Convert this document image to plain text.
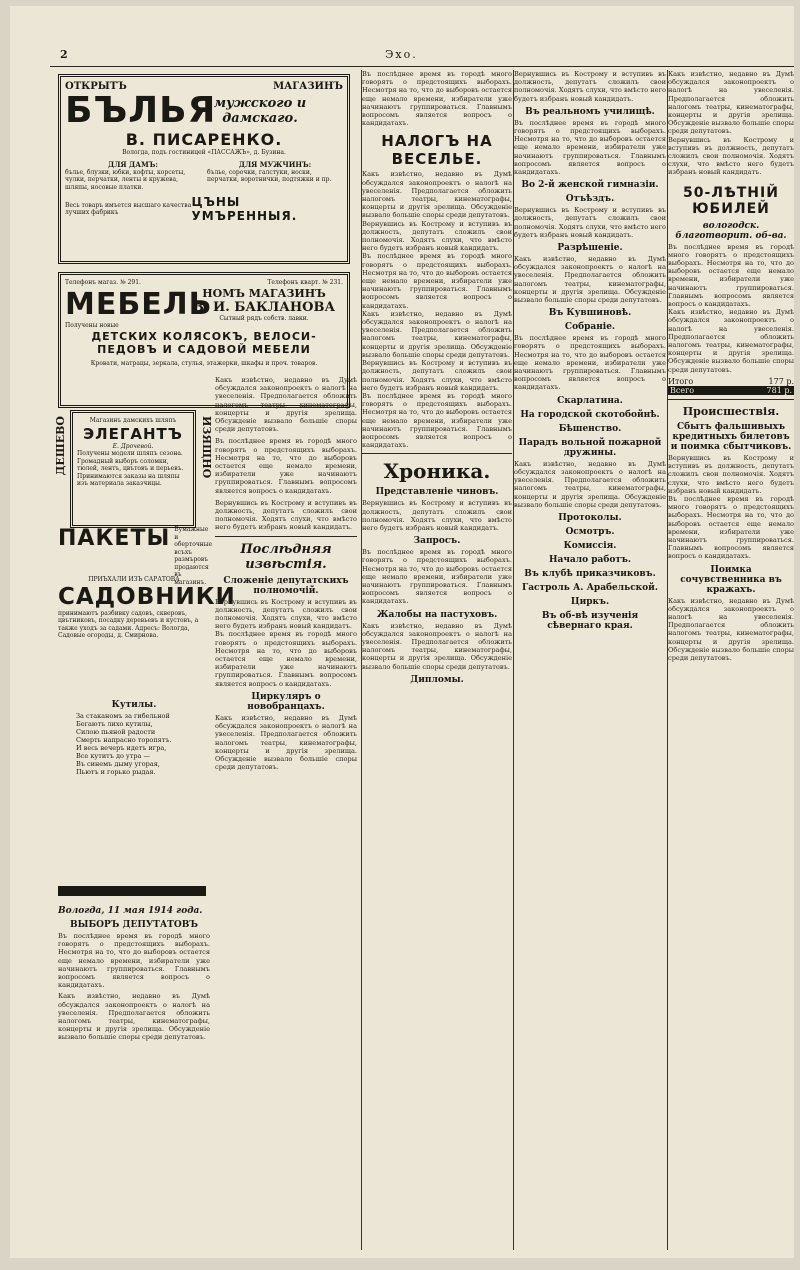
2	Эхо.
ОТКРЫТЪ	МАГАЗИНЪ
БЪЛЬЯ
мужского и дамскаго.
В. ПИСАРЕНКО.
Вологда, подъ гостиницей «ПАССАЖЪ», д. Бузина.
ДЛЯ ДАМЪ:
бълье, блузки, юбки, кофты, корсеты, чулки, перчатки, ленты и кружева, шляпы, носовые платки.
ДЛЯ МУЖЧИНЪ:
бълье, сорочки, галстуки, носки, перчатки, воротнички, подтяжки и пр.
Весь товаръ имъется высшаго качества лучших фабрикъ
ЦЪНЫ УМЪРЕННЫЯ.
Телефонъ магаз. № 291.	Телефонъ кварт. № 231.
МЕБЕЛЬ
НОМЪ МАГАЗИНЪ
В. И. БАКЛАНОВА
Сытный рядъ собств. лавки.
Получены новые
ДЕТСКИХ КОЛЯСОКЪ, ВЕЛОСИ-
ПЕДОВЪ И САДОВОЙ МЕБЕЛИ
Кровати, матрацы, зеркала, стулья, этажерки, шкафы и проч. товаров.
Магазинъ дамскихъ шляпъ
ЭЛЕГАНТЪ
Е. Дрочевой.
Получены модели шляпъ сезона. Громадный выборъ соломки, тюлей, лентъ, цвътовъ и перьевъ. Принимаются заказы на шляпы изъ материала заказчицы.
ДЕШЕВО	ИЗЯЩНО
ПАКЕТЫ Бумажные и оберточные всъхъ размъровъ продаются въ магазинъ.
ПРИЪХАЛИ ИЗЪ САРАТОВА
САДОВНИКИ
принимаютъ разбивку садовъ, скверовъ, цвътниковъ, посадку деревьевъ и кустовъ, а также уходъ за садами. Адресъ: Вологда, Садовые огороды, д. Смирнова.
Кутилы.
За стаканомъ за гибельной
Бегаютъ лихо кутилы,
Силою пьяной радости
Смерть напрасно торопятъ.
И весь вечеръ идетъ игра,
Все кутитъ до утра —
Въ синемъ дыму угорая,
Пьютъ и горько рыдая.
Вологда, 11 мая 1914 года.
ВЫБОРЪ ДЕПУТАТОВЪ
Въ послѣднее время въ городѣ много говорятъ о предстоящихъ выборахъ. Несмотря на то, что до выборовъ остается еще немало времени, избиратели уже начинаютъ группироваться. Главнымъ вопросомъ является вопросъ о кандидатахъ.
Какъ извѣстно, недавно въ Думѣ обсуждался законопроектъ о налогѣ на увеселенія. Предполагается обложить налогомъ театры, кинематографы, концерты и другія зрелища. Обсужденіе вызвало большіе споры среди депутатовъ.
Какъ извѣстно, недавно въ Думѣ обсуждался законопроектъ о налогѣ на увеселенія. Предполагается обложить налогомъ театры, кинематографы, концерты и другія зрелища. Обсужденіе вызвало большіе споры среди депутатовъ.
Въ послѣднее время въ городѣ много говорятъ о предстоящихъ выборахъ. Несмотря на то, что до выборовъ остается еще немало времени, избиратели уже начинаютъ группироваться. Главнымъ вопросомъ является вопросъ о кандидатахъ.
Вернувшись въ Кострому и вступивъ въ должность, депутатъ сложилъ свои полномочія. Ходятъ слухи, что вмѣсто него будетъ избранъ новый кандидатъ.
Послѣдняя извѣстія.
Сложеніе депутатскихъ полномочій.
Вернувшись въ Кострому и вступивъ въ должность, депутатъ сложилъ свои полномочія. Ходятъ слухи, что вмѣсто него будетъ избранъ новый кандидатъ.
Въ послѣднее время въ городѣ много говорятъ о предстоящихъ выборахъ. Несмотря на то, что до выборовъ остается еще немало времени, избиратели уже начинаютъ группироваться. Главнымъ вопросомъ является вопросъ о кандидатахъ.
Циркуляръ о новобранцахъ.
Какъ извѣстно, недавно въ Думѣ обсуждался законопроектъ о налогѣ на увеселенія. Предполагается обложить налогомъ театры, кинематографы, концерты и другія зрелища. Обсужденіе вызвало большіе споры среди депутатовъ.
Въ послѣднее время въ городѣ много говорятъ о предстоящихъ выборахъ. Несмотря на то, что до выборовъ остается еще немало времени, избиратели уже начинаютъ группироваться. Главнымъ вопросомъ является вопросъ о кандидатахъ.
НАЛОГЪ НА ВЕСЕЛЬЕ.
Какъ извѣстно, недавно въ Думѣ обсуждался законопроектъ о налогѣ на увеселенія. Предполагается обложить налогомъ театры, кинематографы, концерты и другія зрелища. Обсужденіе вызвало большіе споры среди депутатовъ.
Вернувшись въ Кострому и вступивъ въ должность, депутатъ сложилъ свои полномочія. Ходятъ слухи, что вмѣсто него будетъ избранъ новый кандидатъ.
Въ послѣднее время въ городѣ много говорятъ о предстоящихъ выборахъ. Несмотря на то, что до выборовъ остается еще немало времени, избиратели уже начинаютъ группироваться. Главнымъ вопросомъ является вопросъ о кандидатахъ.
Какъ извѣстно, недавно въ Думѣ обсуждался законопроектъ о налогѣ на увеселенія. Предполагается обложить налогомъ театры, кинематографы, концерты и другія зрелища. Обсужденіе вызвало большіе споры среди депутатовъ.
Вернувшись въ Кострому и вступивъ въ должность, депутатъ сложилъ свои полномочія. Ходятъ слухи, что вмѣсто него будетъ избранъ новый кандидатъ.
Въ послѣднее время въ городѣ много говорятъ о предстоящихъ выборахъ. Несмотря на то, что до выборовъ остается еще немало времени, избиратели уже начинаютъ группироваться. Главнымъ вопросомъ является вопросъ о кандидатахъ.
Хроника.
Представленіе чиновъ.
Вернувшись въ Кострому и вступивъ въ должность, депутатъ сложилъ свои полномочія. Ходятъ слухи, что вмѣсто него будетъ избранъ новый кандидатъ.
Запросъ.
Въ послѣднее время въ городѣ много говорятъ о предстоящихъ выборахъ. Несмотря на то, что до выборовъ остается еще немало времени, избиратели уже начинаютъ группироваться. Главнымъ вопросомъ является вопросъ о кандидатахъ.
Жалобы на пастуховъ.
Какъ извѣстно, недавно въ Думѣ обсуждался законопроектъ о налогѣ на увеселенія. Предполагается обложить налогомъ театры, кинематографы, концерты и другія зрелища. Обсужденіе вызвало большіе споры среди депутатовъ.
Дипломы.
Вернувшись въ Кострому и вступивъ въ должность, депутатъ сложилъ свои полномочія. Ходятъ слухи, что вмѣсто него будетъ избранъ новый кандидатъ.
Въ реальномъ училищѣ.
Въ послѣднее время въ городѣ много говорятъ о предстоящихъ выборахъ. Несмотря на то, что до выборовъ остается еще немало времени, избиратели уже начинаютъ группироваться. Главнымъ вопросомъ является вопросъ о кандидатахъ.
Во 2-й женской гимназіи.
Отъѣздъ.
Вернувшись въ Кострому и вступивъ въ должность, депутатъ сложилъ свои полномочія. Ходятъ слухи, что вмѣсто него будетъ избранъ новый кандидатъ.
Разрѣшеніе.
Какъ извѣстно, недавно въ Думѣ обсуждался законопроектъ о налогѣ на увеселенія. Предполагается обложить налогомъ театры, кинематографы, концерты и другія зрелища. Обсужденіе вызвало большіе споры среди депутатовъ.
Въ Кувшиновѣ.
Собраніе.
Въ послѣднее время въ городѣ много говорятъ о предстоящихъ выборахъ. Несмотря на то, что до выборовъ остается еще немало времени, избиратели уже начинаютъ группироваться. Главнымъ вопросомъ является вопросъ о кандидатахъ.
Скарлатина.
На городской скотобойнѣ.
Бѣшенство.
Парадъ вольной пожарной дружины.
Какъ извѣстно, недавно въ Думѣ обсуждался законопроектъ о налогѣ на увеселенія. Предполагается обложить налогомъ театры, кинематографы, концерты и другія зрелища. Обсужденіе вызвало большіе споры среди депутатовъ.
Протоколы.
Осмотръ.
Комиссія.
Начало работъ.
Въ клубѣ приказчиковъ.
Гастроль А. Арабельской.
Циркъ.
Въ об-вѣ изученія сѣвернаго края.
Какъ извѣстно, недавно въ Думѣ обсуждался законопроектъ о налогѣ на увеселенія. Предполагается обложить налогомъ театры, кинематографы, концерты и другія зрелища. Обсужденіе вызвало большіе споры среди депутатовъ.
Вернувшись въ Кострому и вступивъ въ должность, депутатъ сложилъ свои полномочія. Ходятъ слухи, что вмѣсто него будетъ избранъ новый кандидатъ.
50-ЛѢТНІЙ ЮБИЛЕЙ
вологодск. благотворит. об-ва.
Въ послѣднее время въ городѣ много говорятъ о предстоящихъ выборахъ. Несмотря на то, что до выборовъ остается еще немало времени, избиратели уже начинаютъ группироваться. Главнымъ вопросомъ является вопросъ о кандидатахъ.
Какъ извѣстно, недавно въ Думѣ обсуждался законопроектъ о налогѣ на увеселенія. Предполагается обложить налогомъ театры, кинематографы, концерты и другія зрелища. Обсужденіе вызвало большіе споры среди депутатовъ.
Итого	177 р.
Всего	781 р.
Происшествія.
Сбытъ фальшивыхъ кредитныхъ билетовъ и поимка сбытчиковъ.
Вернувшись въ Кострому и вступивъ въ должность, депутатъ сложилъ свои полномочія. Ходятъ слухи, что вмѣсто него будетъ избранъ новый кандидатъ.
Въ послѣднее время въ городѣ много говорятъ о предстоящихъ выборахъ. Несмотря на то, что до выборовъ остается еще немало времени, избиратели уже начинаютъ группироваться. Главнымъ вопросомъ является вопросъ о кандидатахъ.
Поимка сочувственника въ кражахъ.
Какъ извѣстно, недавно въ Думѣ обсуждался законопроектъ о налогѣ на увеселенія. Предполагается обложить налогомъ театры, кинематографы, концерты и другія зрелища. Обсужденіе вызвало большіе споры среди депутатовъ.
